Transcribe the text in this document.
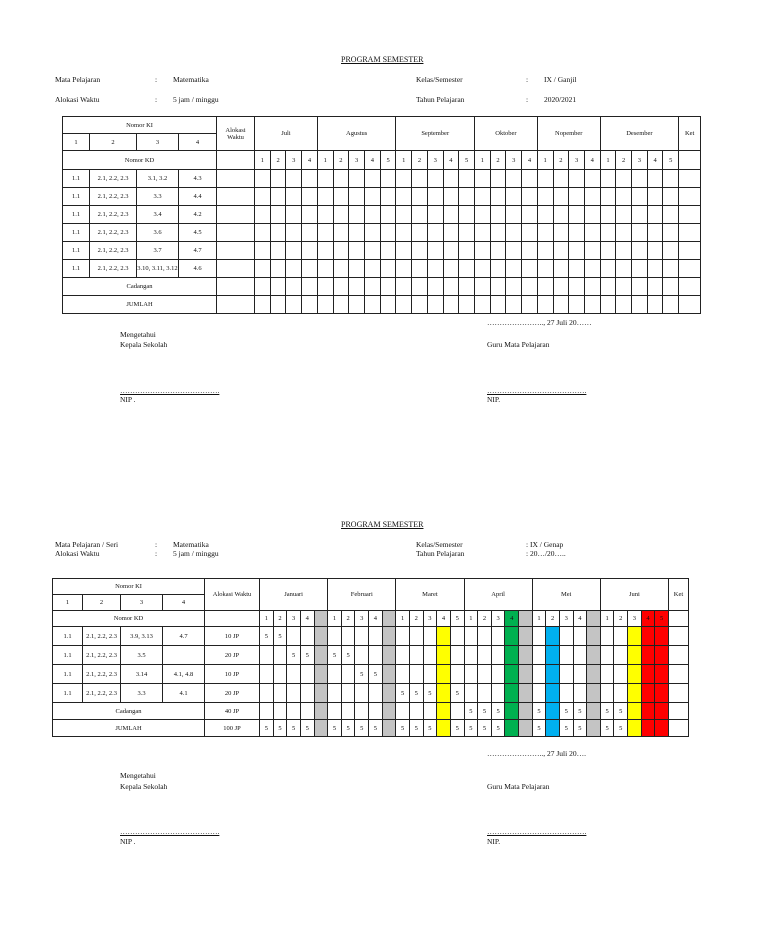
PROGRAM SEMESTER
Mata Pelajaran	: Matematika
Alokasi Waktu	: 5 jam / minggu
Kelas/Semester	: IX / Ganjil
Tahun Pelajaran	: 2020/2021
Nomor KI				Alokasi Waktu	Juli				Agustus					September					Oktober				Nopember				Desember					Ket
1	2	3	4																													
Nomor KD					1	2	3	4	1	2	3	4	5	1	2	3	4	5	1	2	3	4	1	2	3	4	1	2	3	4	5	
1.1	2.1, 2.2, 2.3	3.1, 3.2	4.3																													
1.1	2.1, 2.2, 2.3	3.3	4.4																													
1.1	2.1, 2.2, 2.3	3.4	4.2																													
1.1	2.1, 2.2, 2.3	3.6	4.5																													
1.1	2.1, 2.2, 2.3	3.7	4.7																													
1.1	2.1, 2.2, 2.3	3.10, 3.11, 3.12	4.6																													
Cadangan																																
JUMLAH																																
………………….., 27 Juli 20……
Mengetahui
Kepala Sekolah	Guru Mata Pelajaran
………………………………….	………………………………….
NIP .	NIP.
PROGRAM SEMESTER
Mata Pelajaran / Seri	: Matematika
Alokasi Waktu	: 5 jam / minggu
Kelas/Semester	: IX / Genap
Tahun Pelajaran	: 20…/20…..
Nomor KI				Alokasi Waktu	Januari					Februari					Maret					April					Mei					Juni					Ket
1	2	3	4																																
Nomor KD					1	2	3	4		1	2	3	4		1	2	3	4	5	1	2	3	4		1	2	3	4		1	2	3	4	5	
1.1	2.1, 2.2, 2.3	3.9, 3.13	4.7	10 JP	5	5																													
1.1	2.1, 2.2, 2.3	3.5		20 JP			5	5		5	5																								
1.1	2.1, 2.2, 2.3	3.14	4.1, 4.8	10 JP								5	5																						
1.1	2.1, 2.2, 2.3	3.3	4.1	20 JP											5	5	5		5																
Cadangan				40 JP																5	5	5			5		5	5		5	5				
JUMLAH				100 JP	5	5	5	5		5	5	5	5		5	5	5		5	5	5	5			5		5	5		5	5				
………………….., 27 Juli 20….
Mengetahui
Kepala Sekolah	Guru Mata Pelajaran
………………………………….	………………………………….
NIP .	NIP.
